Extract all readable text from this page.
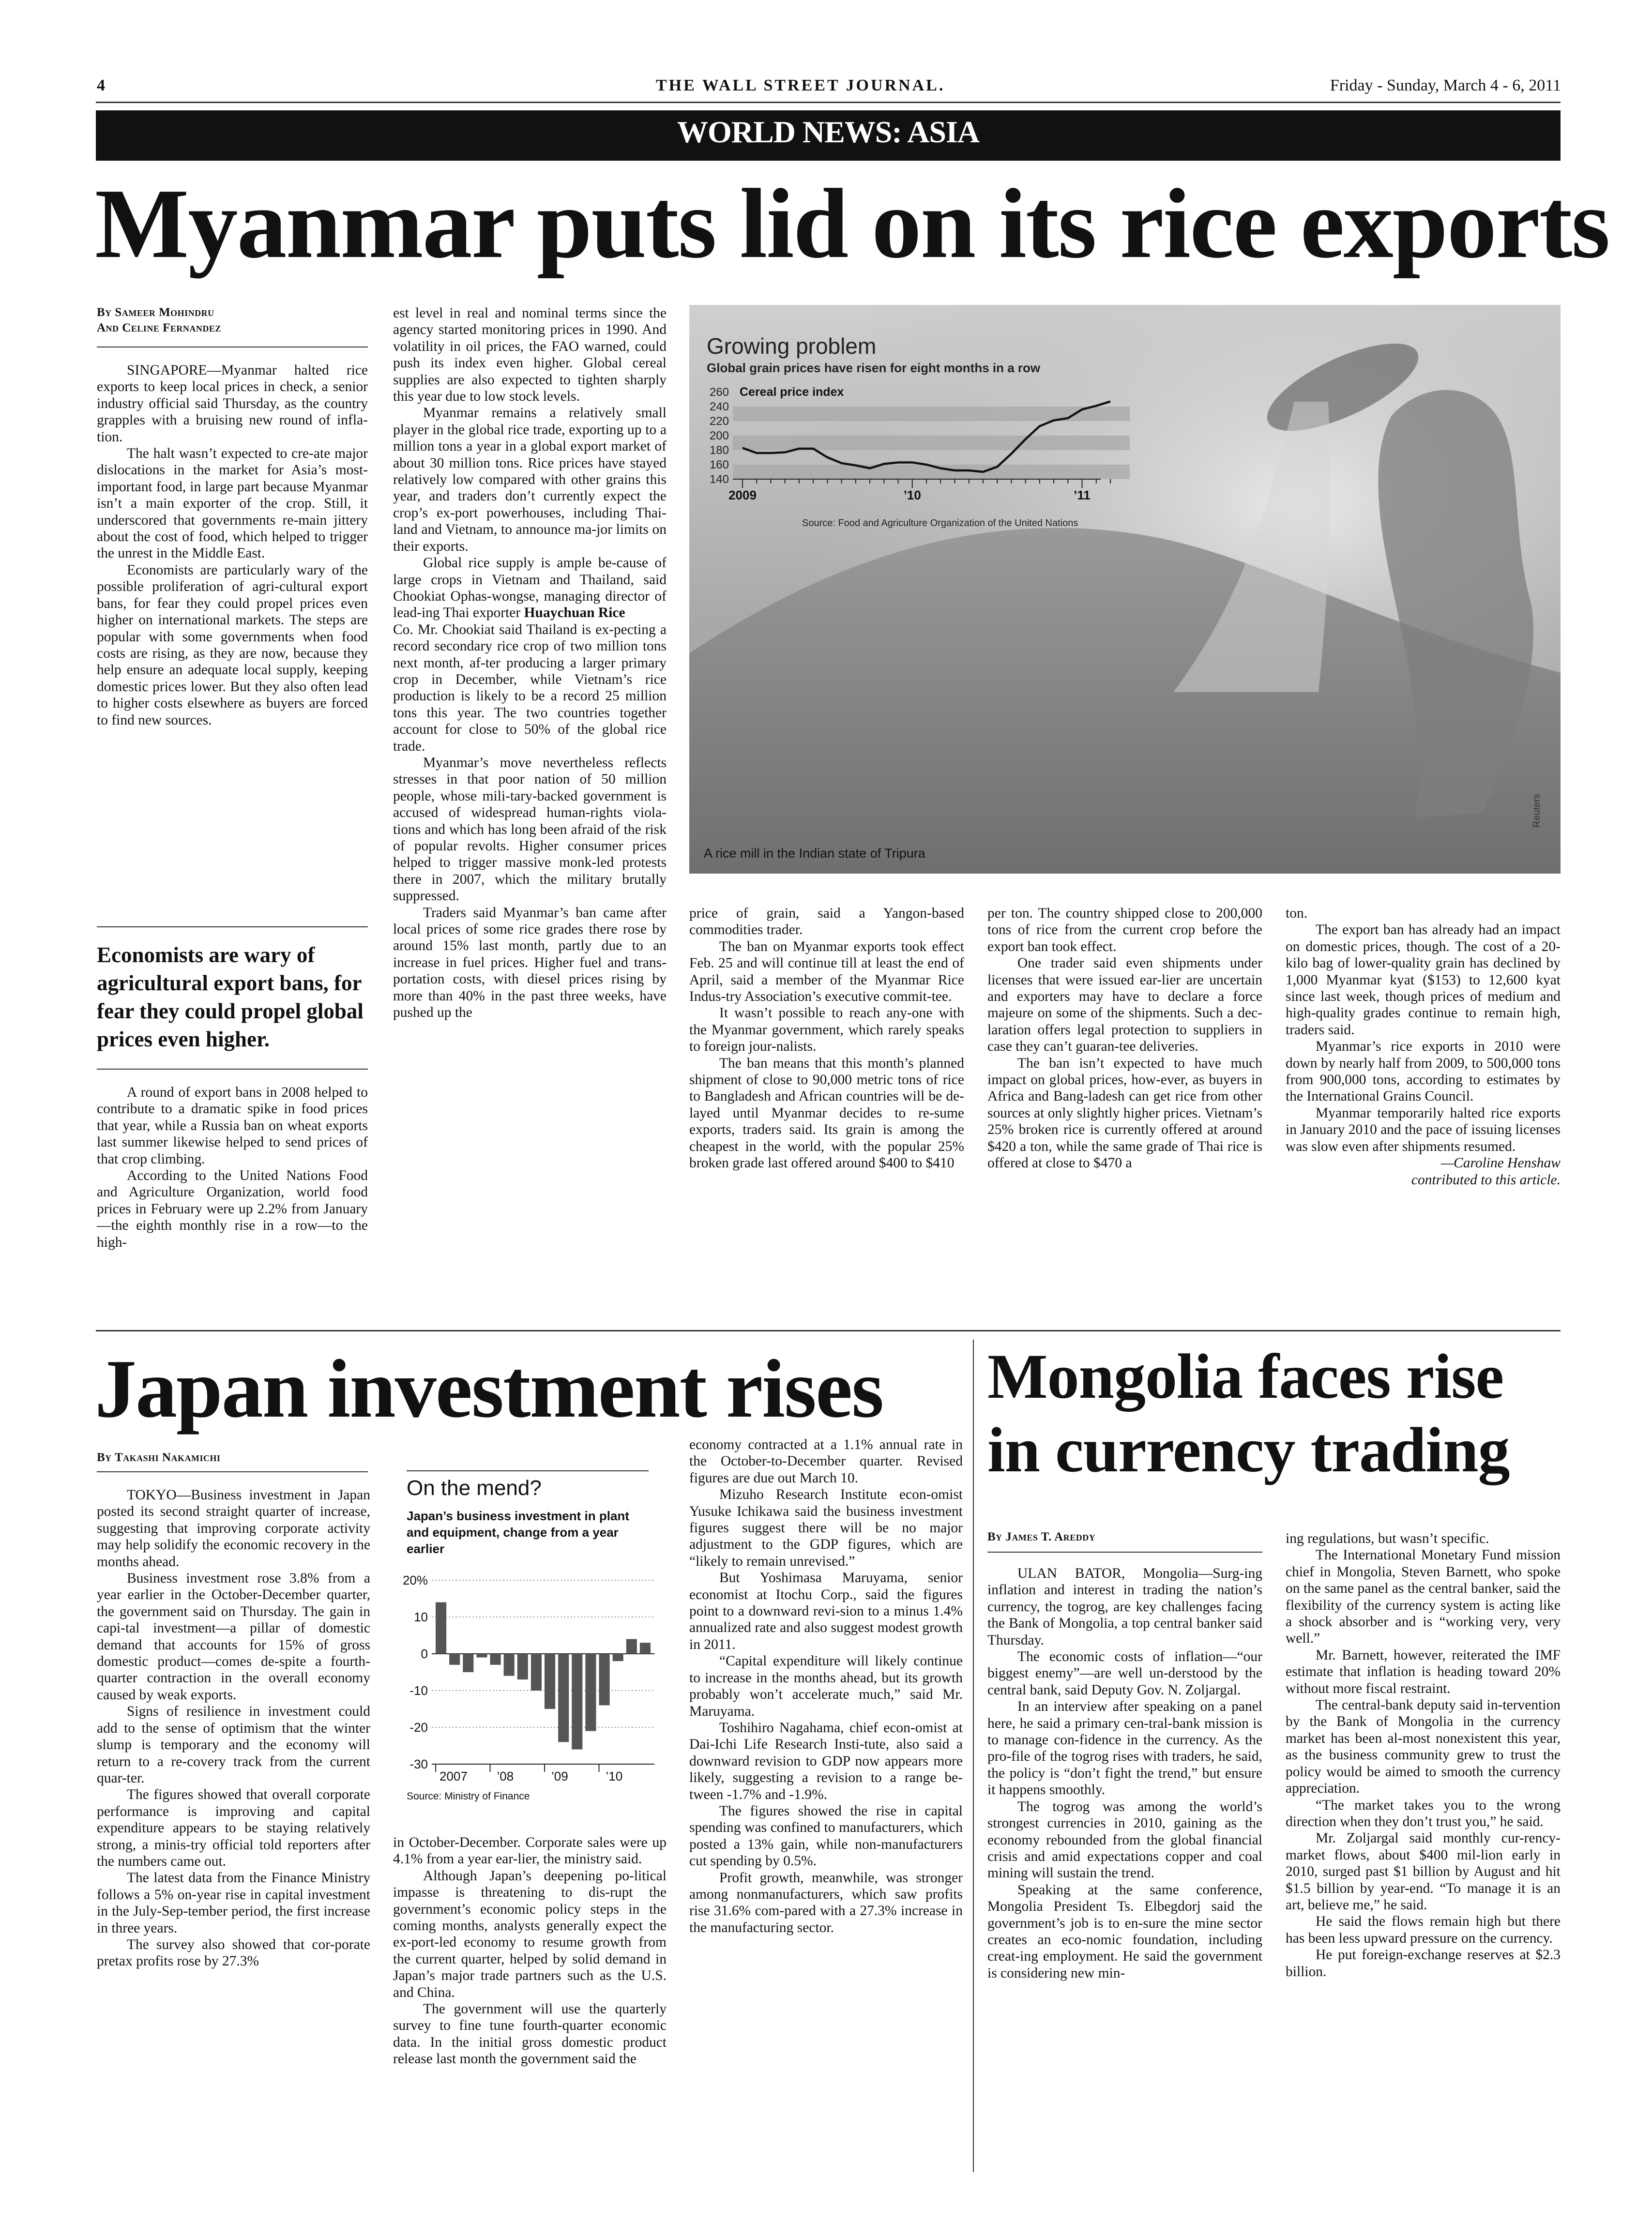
4	THE WALL STREET JOURNAL.	Friday - Sunday, March 4 - 6, 2011
WORLD NEWS: ASIA
Myanmar puts lid on its rice exports
By Sameer Mohindru
And Celine Fernandez

SINGAPORE—Myanmar halted rice exports to keep local prices in check, a senior industry official said Thursday, as the country grapples with a bruising new round of infla-tion.

The halt wasn’t expected to cre-ate major dislocations in the market for Asia’s most-important food, in large part because Myanmar isn’t a main exporter of the crop. Still, it underscored that governments re-main jittery about the cost of food, which helped to trigger the unrest in the Middle East.

Economists are particularly wary of the possible proliferation of agri-cultural export bans, for fear they could propel prices even higher on international markets. The steps are popular with some governments when food costs are rising, as they are now, because they help ensure an adequate local supply, keeping domestic prices lower. But they also often lead to higher costs elsewhere as buyers are forced to find new sources.

Economists are wary of agricultural export bans, for fear they could propel global prices even higher.

A round of export bans in 2008 helped to contribute to a dramatic spike in food prices that year, while a Russia ban on wheat exports last summer likewise helped to send prices of that crop climbing.

According to the United Nations Food and Agriculture Organization, world food prices in February were up 2.2% from January—the eighth monthly rise in a row—to the high-

est level in real and nominal terms since the agency started monitoring prices in 1990. And volatility in oil prices, the FAO warned, could push its index even higher. Global cereal supplies are also expected to tighten sharply this year due to low stock levels.

Myanmar remains a relatively small player in the global rice trade, exporting up to a million tons a year in a global export market of about 30 million tons. Rice prices have stayed relatively low compared with other grains this year, and traders don’t currently expect the crop’s ex-port powerhouses, including Thai-land and Vietnam, to announce ma-jor limits on their exports.

Global rice supply is ample be-cause of large crops in Vietnam and Thailand, said Chookiat Ophas-wongse, managing director of lead-ing Thai exporter Huaychuan Rice

Co. Mr. Chookiat said Thailand is ex-pecting a record secondary rice crop of two million tons next month, af-ter producing a larger primary crop in December, while Vietnam’s rice production is likely to be a record 25 million tons this year. The two countries together account for close to 50% of the global rice trade.

Myanmar’s move nevertheless reflects stresses in that poor nation of 50 million people, whose mili-tary-backed government is accused of widespread human-rights viola-tions and which has long been afraid of the risk of popular revolts. Higher consumer prices helped to trigger massive monk-led protests there in 2007, which the military brutally suppressed.

Traders said Myanmar’s ban came after local prices of some rice grades there rose by around 15% last month, partly due to an increase in fuel prices. Higher fuel and trans-portation costs, with diesel prices rising by more than 40% in the past three weeks, have pushed up the

Growing problem
Global grain prices have risen for eight months in a row
140
160
180
200
220
240
260 Cereal price index
2009	’10	’11
Source: Food and Agriculture Organization of the United Nations
A rice mill in the Indian state of Tripura
Reuters

price of grain, said a Yangon-based commodities trader.

The ban on Myanmar exports took effect Feb. 25 and will continue till at least the end of April, said a member of the Myanmar Rice Indus-try Association’s executive commit-tee.

It wasn’t possible to reach any-one with the Myanmar government, which rarely speaks to foreign jour-nalists.

The ban means that this month’s planned shipment of close to 90,000 metric tons of rice to Bangladesh and African countries will be de-layed until Myanmar decides to re-sume exports, traders said. Its grain is among the cheapest in the world, with the popular 25% broken grade last offered around $400 to $410

per ton. The country shipped close to 200,000 tons of rice from the current crop before the export ban took effect.

One trader said even shipments under licenses that were issued ear-lier are uncertain and exporters may have to declare a force majeure on some of the shipments. Such a dec-laration offers legal protection to suppliers in case they can’t guaran-tee deliveries.

The ban isn’t expected to have much impact on global prices, how-ever, as buyers in Africa and Bang-ladesh can get rice from other sources at only slightly higher prices. Vietnam’s 25% broken rice is currently offered at around $420 a ton, while the same grade of Thai rice is offered at close to $470 a

ton.

The export ban has already had an impact on domestic prices, though. The cost of a 20-kilo bag of lower-quality grain has declined by 1,000 Myanmar kyat ($153) to 12,600 kyat since last week, though prices of medium and high-quality grades continue to remain high, traders said.

Myanmar’s rice exports in 2010 were down by nearly half from 2009, to 500,000 tons from 900,000 tons, according to estimates by the International Grains Council.

Myanmar temporarily halted rice exports in January 2010 and the pace of issuing licenses was slow even after shipments resumed.

—Caroline Henshaw

contributed to this article.

Japan investment rises
By Takashi Nakamichi

TOKYO—Business investment in Japan posted its second straight quarter of increase, suggesting that improving corporate activity may help solidify the economic recovery in the months ahead.

Business investment rose 3.8% from a year earlier in the October-December quarter, the government said on Thursday. The gain in capi-tal investment—a pillar of domestic demand that accounts for 15% of gross domestic product—comes de-spite a fourth-quarter contraction in the overall economy caused by weak exports.

Signs of resilience in investment could add to the sense of optimism that the winter slump is temporary and the economy will return to a re-covery track from the current quar-ter.

The figures showed that overall corporate performance is improving and capital expenditure appears to be staying relatively strong, a minis-try official told reporters after the numbers came out.

The latest data from the Finance Ministry follows a 5% on-year rise in capital investment in the July-Sep-tember period, the first increase in three years.

The survey also showed that cor-porate pretax profits rose by 27.3%

On the mend?
Japan’s business investment in plant and equipment, change from a year earlier
20%
10
0
-10
-20
-30
2007 ’08	’09	’10
Source: Ministry of Finance

in October-December. Corporate sales were up 4.1% from a year ear-lier, the ministry said.

Although Japan’s deepening po-litical impasse is threatening to dis-rupt the government’s economic policy steps in the coming months, analysts generally expect the ex-port-led economy to resume growth from the current quarter, helped by solid demand in Japan’s major trade partners such as the U.S. and China.

The government will use the quarterly survey to fine tune fourth-quarter economic data. In the initial gross domestic product release last month the government said the

economy contracted at a 1.1% annual rate in the October-to-December quarter. Revised figures are due out March 10.

Mizuho Research Institute econ-omist Yusuke Ichikawa said the business investment figures suggest there will be no major adjustment to the GDP figures, which are “likely to remain unrevised.”

But Yoshimasa Maruyama, senior economist at Itochu Corp., said the figures point to a downward revi-sion to a minus 1.4% annualized rate and also suggest modest growth in 2011.

“Capital expenditure will likely continue to increase in the months ahead, but its growth probably won’t accelerate much,” said Mr. Maruyama.

Toshihiro Nagahama, chief econ-omist at Dai-Ichi Life Research Insti-tute, also said a downward revision to GDP now appears more likely, suggesting a revision to a range be-tween -1.7% and -1.9%.

The figures showed the rise in capital spending was confined to manufacturers, which posted a 13% gain, while non-manufacturers cut spending by 0.5%.

Profit growth, meanwhile, was stronger among nonmanufacturers, which saw profits rise 31.6% com-pared with a 27.3% increase in the manufacturing sector.

Mongolia faces rise
in currency trading
By James T. Areddy

ULAN BATOR, Mongolia—Surg-ing inflation and interest in trading the nation’s currency, the togrog, are key challenges facing the Bank of Mongolia, a top central banker said Thursday.

The economic costs of inflation—“our biggest enemy”—are well un-derstood by the central bank, said Deputy Gov. N. Zoljargal.

In an interview after speaking on a panel here, he said a primary cen-tral-bank mission is to manage con-fidence in the currency. As the pro-file of the togrog rises with traders, he said, the policy is “don’t fight the trend,” but ensure it happens smoothly.

The togrog was among the world’s strongest currencies in 2010, gaining as the economy rebounded from the global financial crisis and amid expectations copper and coal mining will sustain the trend.

Speaking at the same conference, Mongolia President Ts. Elbegdorj said the government’s job is to en-sure the mine sector creates an eco-nomic foundation, including creat-ing employment. He said the government is considering new min-

ing regulations, but wasn’t specific.

The International Monetary Fund mission chief in Mongolia, Steven Barnett, who spoke on the same panel as the central banker, said the flexibility of the currency system is acting like a shock absorber and is “working very, very well.”

Mr. Barnett, however, reiterated the IMF estimate that inflation is heading toward 20% without more fiscal restraint.

The central-bank deputy said in-tervention by the Bank of Mongolia in the currency market has been al-most nonexistent this year, as the business community grew to trust the policy would be aimed to smooth the currency appreciation.

“The market takes you to the wrong direction when they don’t trust you,” he said.

Mr. Zoljargal said monthly cur-rency-market flows, about $400 mil-lion early in 2010, surged past $1 billion by August and hit $1.5 billion by year-end. “To manage it is an art, believe me,” he said.

He said the flows remain high but there has been less upward pressure on the currency.

He put foreign-exchange reserves at $2.3 billion.
